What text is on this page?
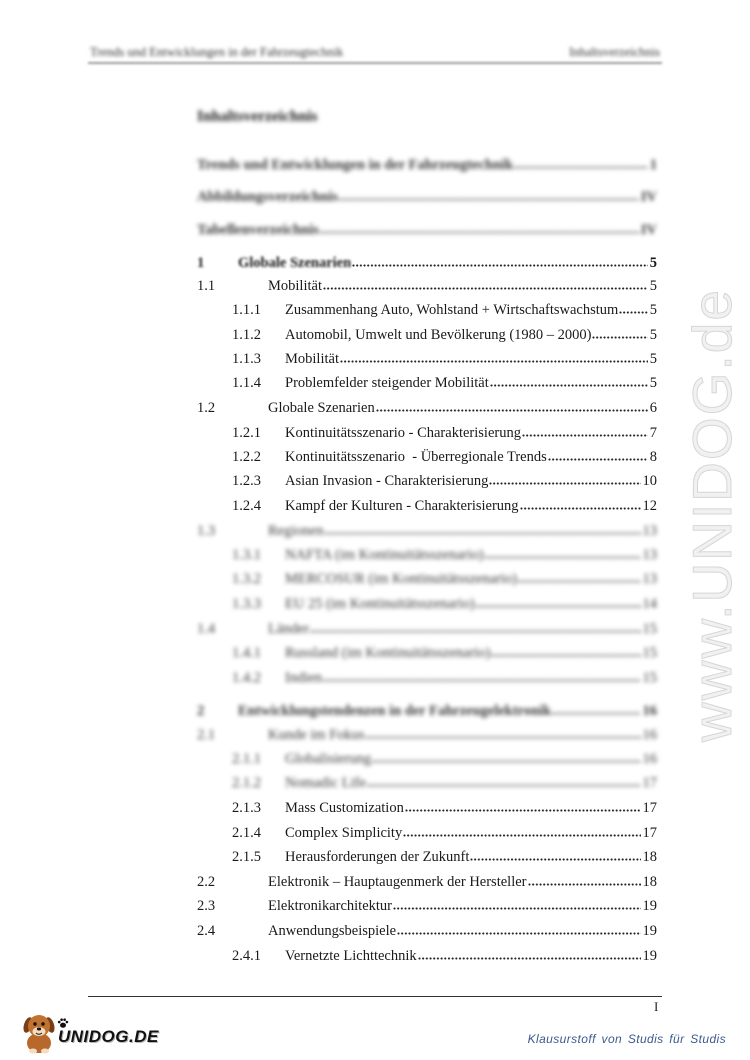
Trends und Entwicklungen in der Fahrzeugtechnik	Inhaltsverzeichnis
Inhaltsverzeichnis
Trends und Entwicklungen in der Fahrzeugtechnik	1
Abbildungsverzeichnis	IV
Tabellenverzeichnis	IV
1 Globale Szenarien	5
1.1	Mobilität	5
1.1.1 Zusammenhang Auto, Wohlstand + Wirtschaftswachstum 5
1.1.2 Automobil, Umwelt und Bevölkerung (1980 – 2000)	5
1.1.3 Mobilität	5
1.1.4 Problemfelder steigender Mobilität	5
1.2	Globale Szenarien	6
1.2.1 Kontinuitätsszenario - Charakterisierung	7
1.2.2 Kontinuitätsszenario  - Überregionale Trends	8
1.2.3 Asian Invasion - Charakterisierung	10
1.2.4 Kampf der Kulturen - Charakterisierung	12
1.3	Regionen	13
1.3.1 NAFTA (im Kontinuitätsszenario)	13
1.3.2 MERCOSUR (im Kontinuitätsszenario)	13
1.3.3 EU 25 (im Kontinuitätsszenario)	14
1.4	Länder	15
1.4.1 Russland (im Kontinuitätsszenario)	15
1.4.2 Indien	15
2 Entwicklungstendenzen in der Fahrzeugelektronik	16
2.1	Kunde im Fokus	16
2.1.1 Globalisierung	16
2.1.2 Nomadic Life	17
2.1.3 Mass Customization	17
2.1.4 Complex Simplicity	17
2.1.5 Herausforderungen der Zukunft	18
2.2	Elektronik – Hauptaugenmerk der Hersteller	18
2.3	Elektronikarchitektur	19
2.4	Anwendungsbeispiele	19
2.4.1 Vernetzte Lichttechnik	19
www.UNIDOG.de
I
UNIDOG.DE	Klausurstoff von Studis für Studis
